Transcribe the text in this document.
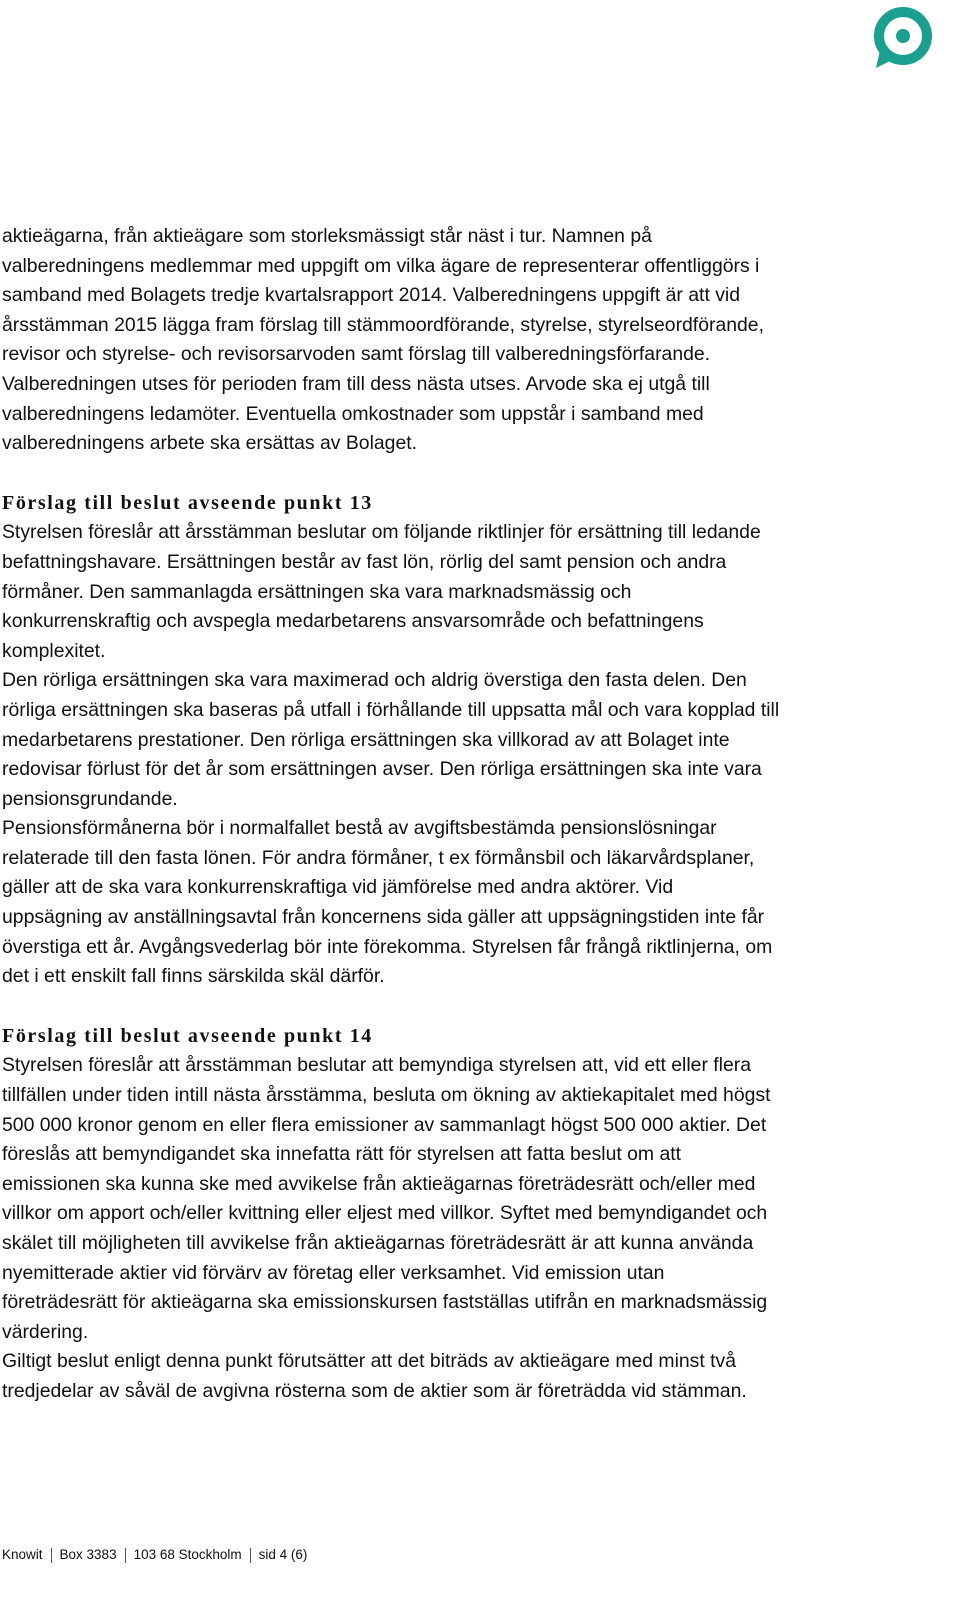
aktieägarna, från aktieägare som storleksmässigt står näst i tur. Namnen på
valberedningens medlemmar med uppgift om vilka ägare de representerar offentliggörs i
samband med Bolagets tredje kvartalsrapport 2014. Valberedningens uppgift är att vid
årsstämman 2015 lägga fram förslag till stämmoordförande, styrelse, styrelseordförande,
revisor och styrelse- och revisorsarvoden samt förslag till valberedningsförfarande.
Valberedningen utses för perioden fram till dess nästa utses. Arvode ska ej utgå till
valberedningens ledamöter. Eventuella omkostnader som uppstår i samband med
valberedningens arbete ska ersättas av Bolaget.

Förslag till beslut avseende punkt 13

Styrelsen föreslår att årsstämman beslutar om följande riktlinjer för ersättning till ledande
befattningshavare. Ersättningen består av fast lön, rörlig del samt pension och andra
förmåner. Den sammanlagda ersättningen ska vara marknadsmässig och
konkurrenskraftig och avspegla medarbetarens ansvarsområde och befattningens
komplexitet.

Den rörliga ersättningen ska vara maximerad och aldrig överstiga den fasta delen. Den
rörliga ersättningen ska baseras på utfall i förhållande till uppsatta mål och vara kopplad till
medarbetarens prestationer. Den rörliga ersättningen ska villkorad av att Bolaget inte
redovisar förlust för det år som ersättningen avser. Den rörliga ersättningen ska inte vara
pensionsgrundande.

Pensionsförmånerna bör i normalfallet bestå av avgiftsbestämda pensionslösningar
relaterade till den fasta lönen. För andra förmåner, t ex förmånsbil och läkarvårdsplaner,
gäller att de ska vara konkurrenskraftiga vid jämförelse med andra aktörer. Vid
uppsägning av anställningsavtal från koncernens sida gäller att uppsägningstiden inte får
överstiga ett år. Avgångsvederlag bör inte förekomma. Styrelsen får frångå riktlinjerna, om
det i ett enskilt fall finns särskilda skäl därför.

Förslag till beslut avseende punkt 14

Styrelsen föreslår att årsstämman beslutar att bemyndiga styrelsen att, vid ett eller flera
tillfällen under tiden intill nästa årsstämma, besluta om ökning av aktiekapitalet med högst
500 000 kronor genom en eller flera emissioner av sammanlagt högst 500 000 aktier. Det
föreslås att bemyndigandet ska innefatta rätt för styrelsen att fatta beslut om att
emissionen ska kunna ske med avvikelse från aktieägarnas företrädesrätt och/eller med
villkor om apport och/eller kvittning eller eljest med villkor. Syftet med bemyndigandet och
skälet till möjligheten till avvikelse från aktieägarnas företrädesrätt är att kunna använda
nyemitterade aktier vid förvärv av företag eller verksamhet. Vid emission utan
företrädesrätt för aktieägarna ska emissionskursen fastställas utifrån en marknadsmässig
värdering.

Giltigt beslut enligt denna punkt förutsätter att det biträds av aktieägare med minst två
tredjedelar av såväl de avgivna rösterna som de aktier som är företrädda vid stämman.

Knowit Box 3383 103 68 Stockholm sid 4 (6)
